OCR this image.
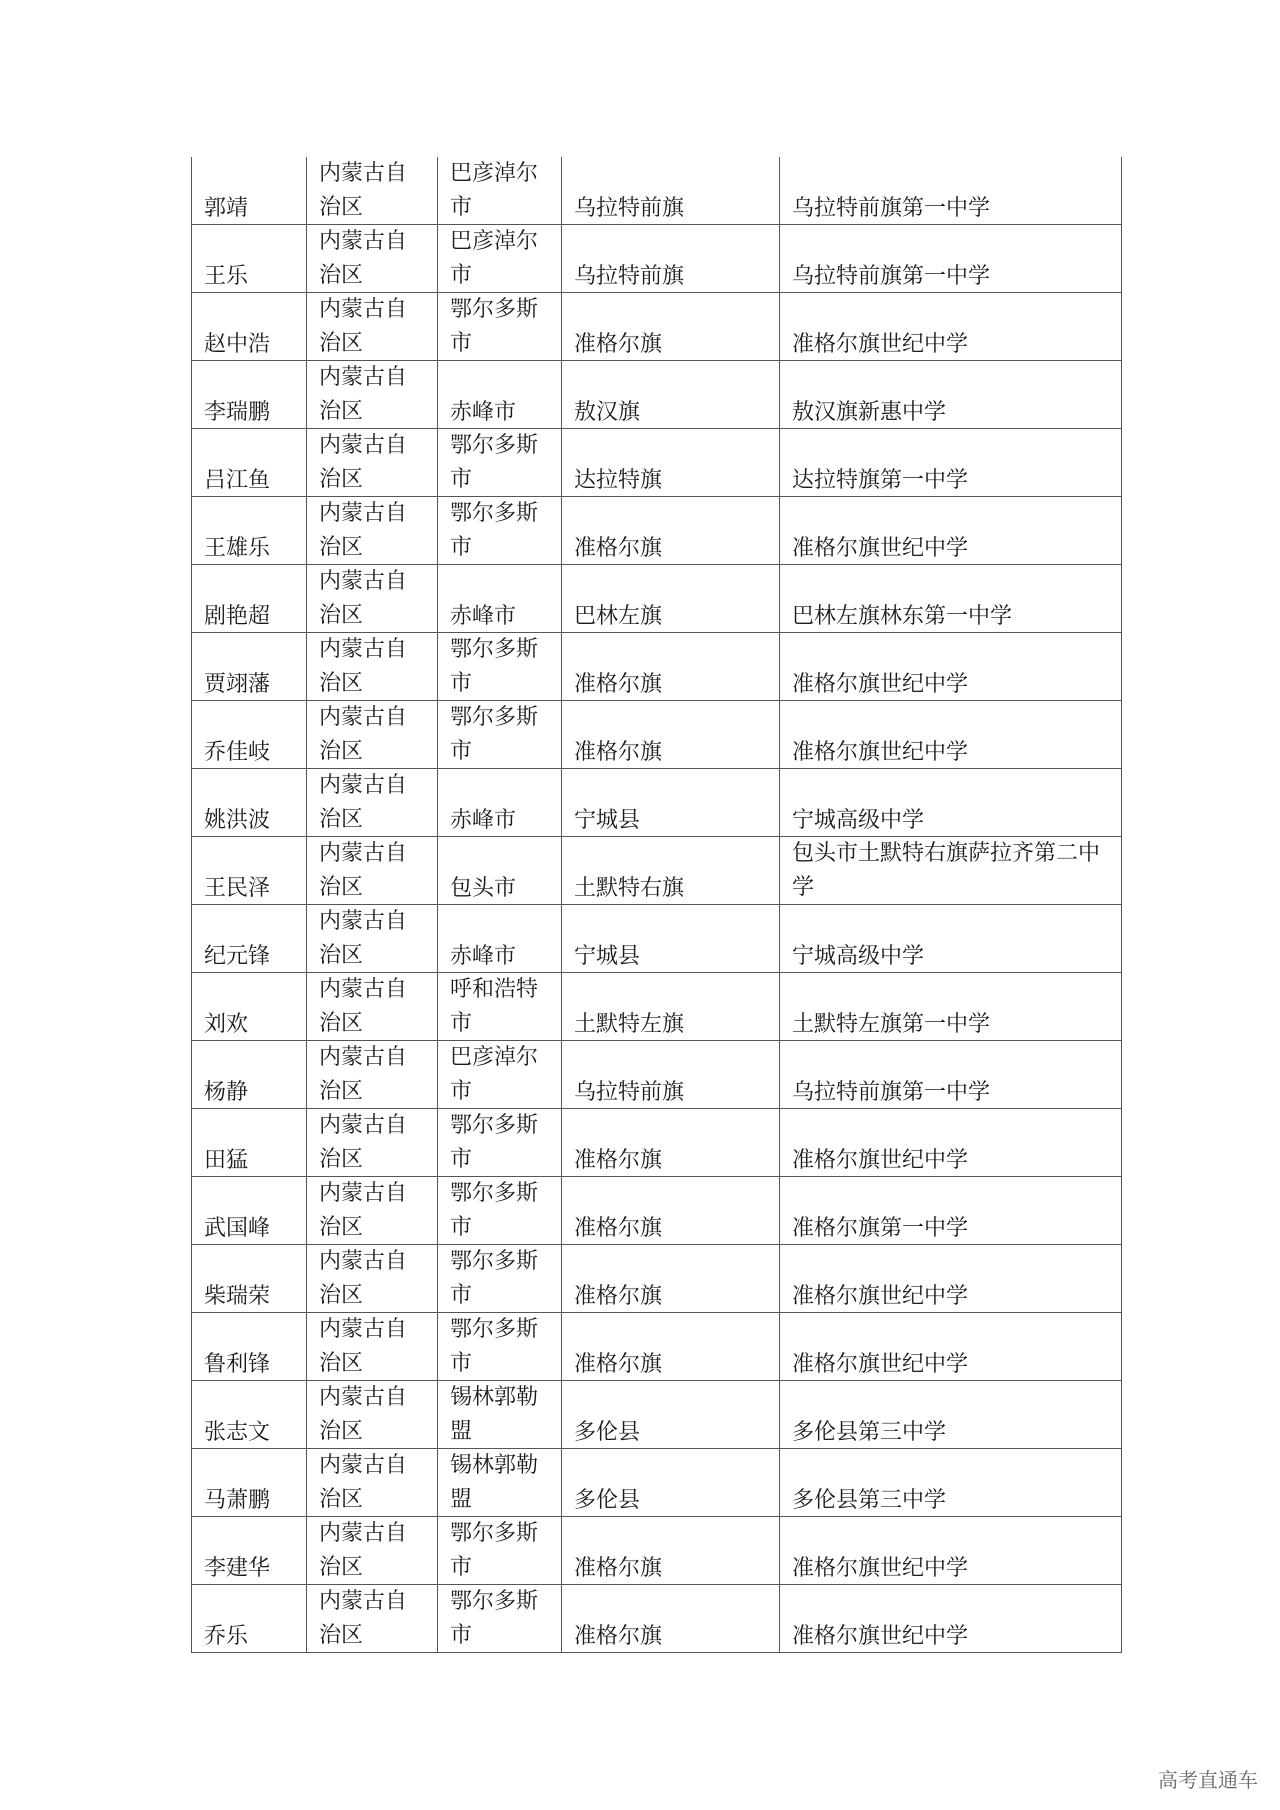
郭靖	内蒙古自治区	巴彦淖尔市	乌拉特前旗	乌拉特前旗第一中学

王乐	内蒙古自治区	巴彦淖尔市	乌拉特前旗	乌拉特前旗第一中学

赵中浩	内蒙古自治区	鄂尔多斯市	准格尔旗	准格尔旗世纪中学

李瑞鹏	内蒙古自治区	赤峰市	敖汉旗	敖汉旗新惠中学

吕江鱼	内蒙古自治区	鄂尔多斯市	达拉特旗	达拉特旗第一中学

王雄乐	内蒙古自治区	鄂尔多斯市	准格尔旗	准格尔旗世纪中学

剧艳超	内蒙古自治区	赤峰市	巴林左旗	巴林左旗林东第一中学

贾翊藩	内蒙古自治区	鄂尔多斯市	准格尔旗	准格尔旗世纪中学

乔佳岐	内蒙古自治区	鄂尔多斯市	准格尔旗	准格尔旗世纪中学

姚洪波	内蒙古自治区	赤峰市	宁城县	宁城高级中学

王民泽	内蒙古自治区	包头市	土默特右旗	包头市土默特右旗萨拉齐第二中学

纪元锋	内蒙古自治区	赤峰市	宁城县	宁城高级中学

刘欢	内蒙古自治区	呼和浩特市	土默特左旗	土默特左旗第一中学

杨静	内蒙古自治区	巴彦淖尔市	乌拉特前旗	乌拉特前旗第一中学

田猛	内蒙古自治区	鄂尔多斯市	准格尔旗	准格尔旗世纪中学

武国峰	内蒙古自治区	鄂尔多斯市	准格尔旗	准格尔旗第一中学

柴瑞荣	内蒙古自治区	鄂尔多斯市	准格尔旗	准格尔旗世纪中学

鲁利锋	内蒙古自治区	鄂尔多斯市	准格尔旗	准格尔旗世纪中学

张志文	内蒙古自治区	锡林郭勒盟	多伦县	多伦县第三中学

马萧鹏	内蒙古自治区	锡林郭勒盟	多伦县	多伦县第三中学

李建华	内蒙古自治区	鄂尔多斯市	准格尔旗	准格尔旗世纪中学

乔乐	内蒙古自治区	鄂尔多斯市	准格尔旗	准格尔旗世纪中学
高考直通车
